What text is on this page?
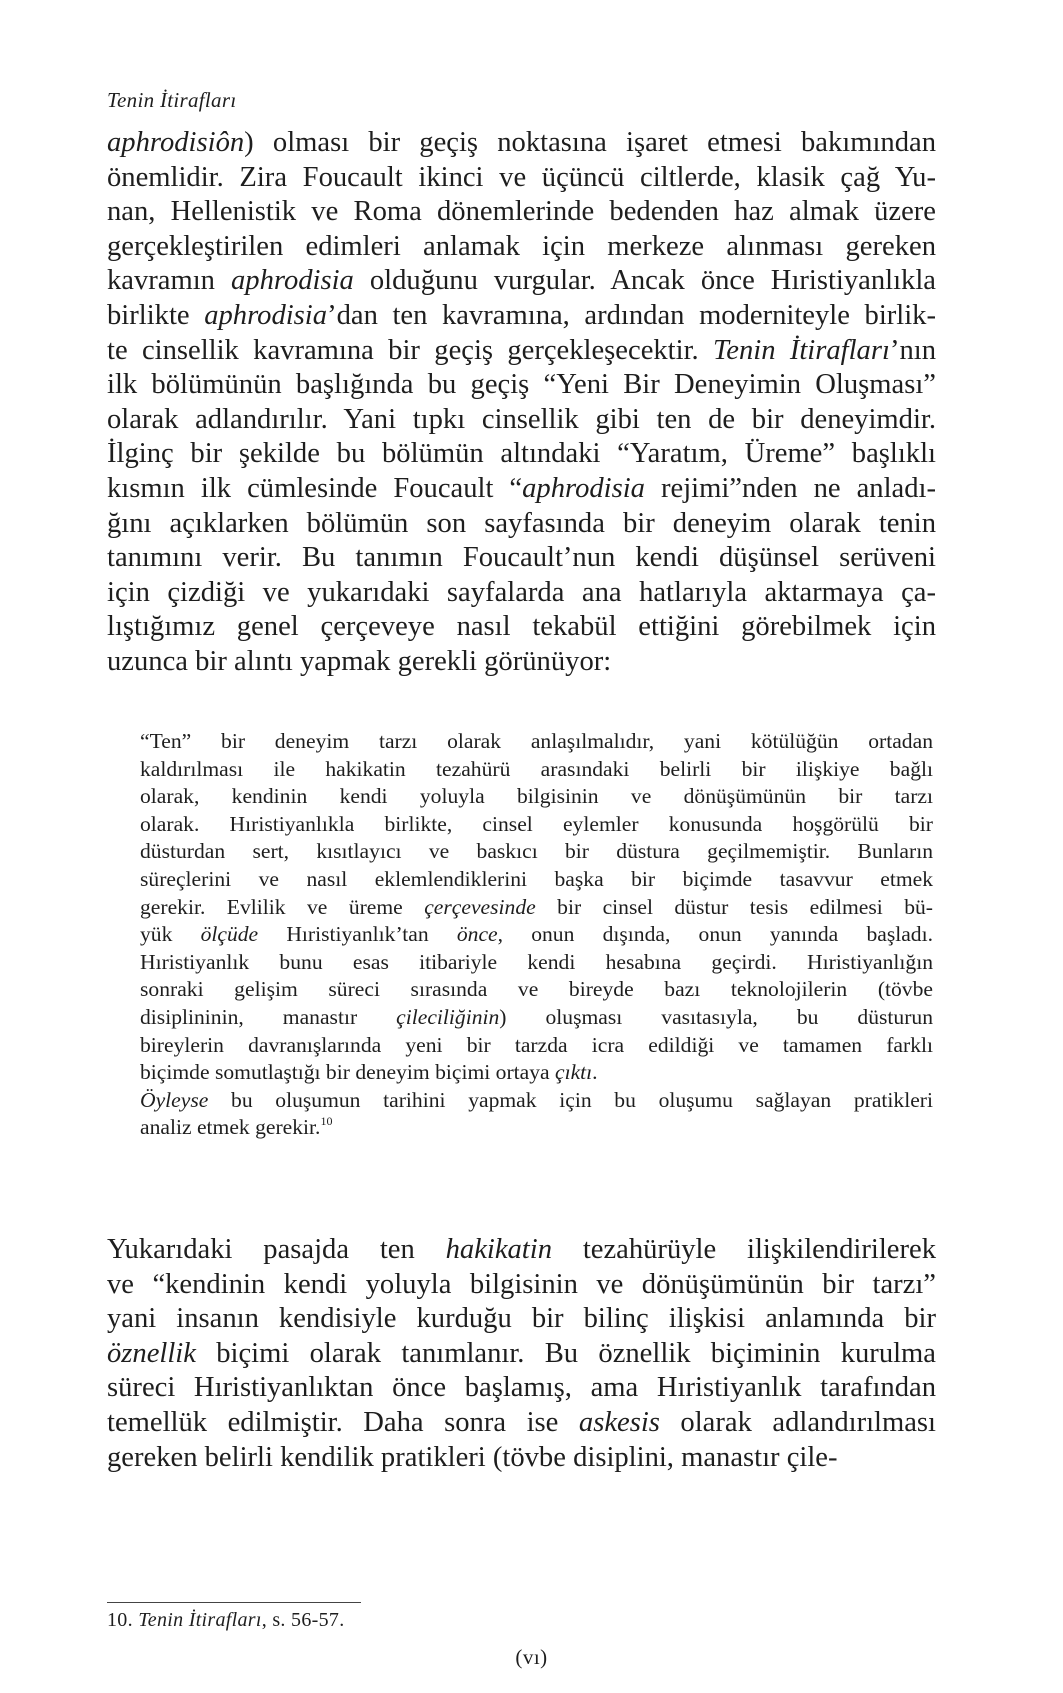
Tenin İtirafları
aphrodisiôn) olması bir geçiş noktasına işaret etmesi bakımından
önemlidir. Zira Foucault ikinci ve üçüncü ciltlerde, klasik çağ Yu-
nan, Hellenistik ve Roma dönemlerinde bedenden haz almak üzere
gerçekleştirilen edimleri anlamak için merkeze alınması gereken
kavramın aphrodisia olduğunu vurgular. Ancak önce Hıristiyanlıkla
birlikte aphrodisia’dan ten kavramına, ardından moderniteyle birlik-
te cinsellik kavramına bir geçiş gerçekleşecektir. Tenin İtirafları’nın
ilk bölümünün başlığında bu geçiş “Yeni Bir Deneyimin Oluşması”
olarak adlandırılır. Yani tıpkı cinsellik gibi ten de bir deneyimdir.
İlginç bir şekilde bu bölümün altındaki “Yaratım, Üreme” başlıklı
kısmın ilk cümlesinde Foucault “aphrodisia rejimi”nden ne anladı-
ğını açıklarken bölümün son sayfasında bir deneyim olarak tenin
tanımını verir. Bu tanımın Foucault’nun kendi düşünsel serüveni
için çizdiği ve yukarıdaki sayfalarda ana hatlarıyla aktarmaya ça-
lıştığımız genel çerçeveye nasıl tekabül ettiğini görebilmek için
uzunca bir alıntı yapmak gerekli görünüyor:
“Ten” bir deneyim tarzı olarak anlaşılmalıdır, yani kötülüğün ortadan
kaldırılması ile hakikatin tezahürü arasındaki belirli bir ilişkiye bağlı
olarak, kendinin kendi yoluyla bilgisinin ve dönüşümünün bir tarzı
olarak. Hıristiyanlıkla birlikte, cinsel eylemler konusunda hoşgörülü bir
düsturdan sert, kısıtlayıcı ve baskıcı bir düstura geçilmemiştir. Bunların
süreçlerini ve nasıl eklemlendiklerini başka bir biçimde tasavvur etmek
gerekir. Evlilik ve üreme çerçevesinde bir cinsel düstur tesis edilmesi bü-
yük ölçüde Hıristiyanlık’tan önce, onun dışında, onun yanında başladı.
Hıristiyanlık bunu esas itibariyle kendi hesabına geçirdi. Hıristiyanlığın
sonraki gelişim süreci sırasında ve bireyde bazı teknolojilerin (tövbe
disiplininin, manastır çileciliğinin) oluşması vasıtasıyla, bu düsturun
bireylerin davranışlarında yeni bir tarzda icra edildiği ve tamamen farklı
biçimde somutlaştığı bir deneyim biçimi ortaya çıktı.
Öyleyse bu oluşumun tarihini yapmak için bu oluşumu sağlayan pratikleri
analiz etmek gerekir.$^{10}$
Yukarıdaki pasajda ten hakikatin tezahürüyle ilişkilendirilerek
ve “kendinin kendi yoluyla bilgisinin ve dönüşümünün bir tarzı”
yani insanın kendisiyle kurduğu bir bilinç ilişkisi anlamında bir
öznellik biçimi olarak tanımlanır. Bu öznellik biçiminin kurulma
süreci Hıristiyanlıktan önce başlamış, ama Hıristiyanlık tarafından
temellük edilmiştir. Daha sonra ise askesis olarak adlandırılması
gereken belirli kendilik pratikleri (tövbe disiplini, manastır çile-
10. Tenin İtirafları, s. 56-57.
(vı)
